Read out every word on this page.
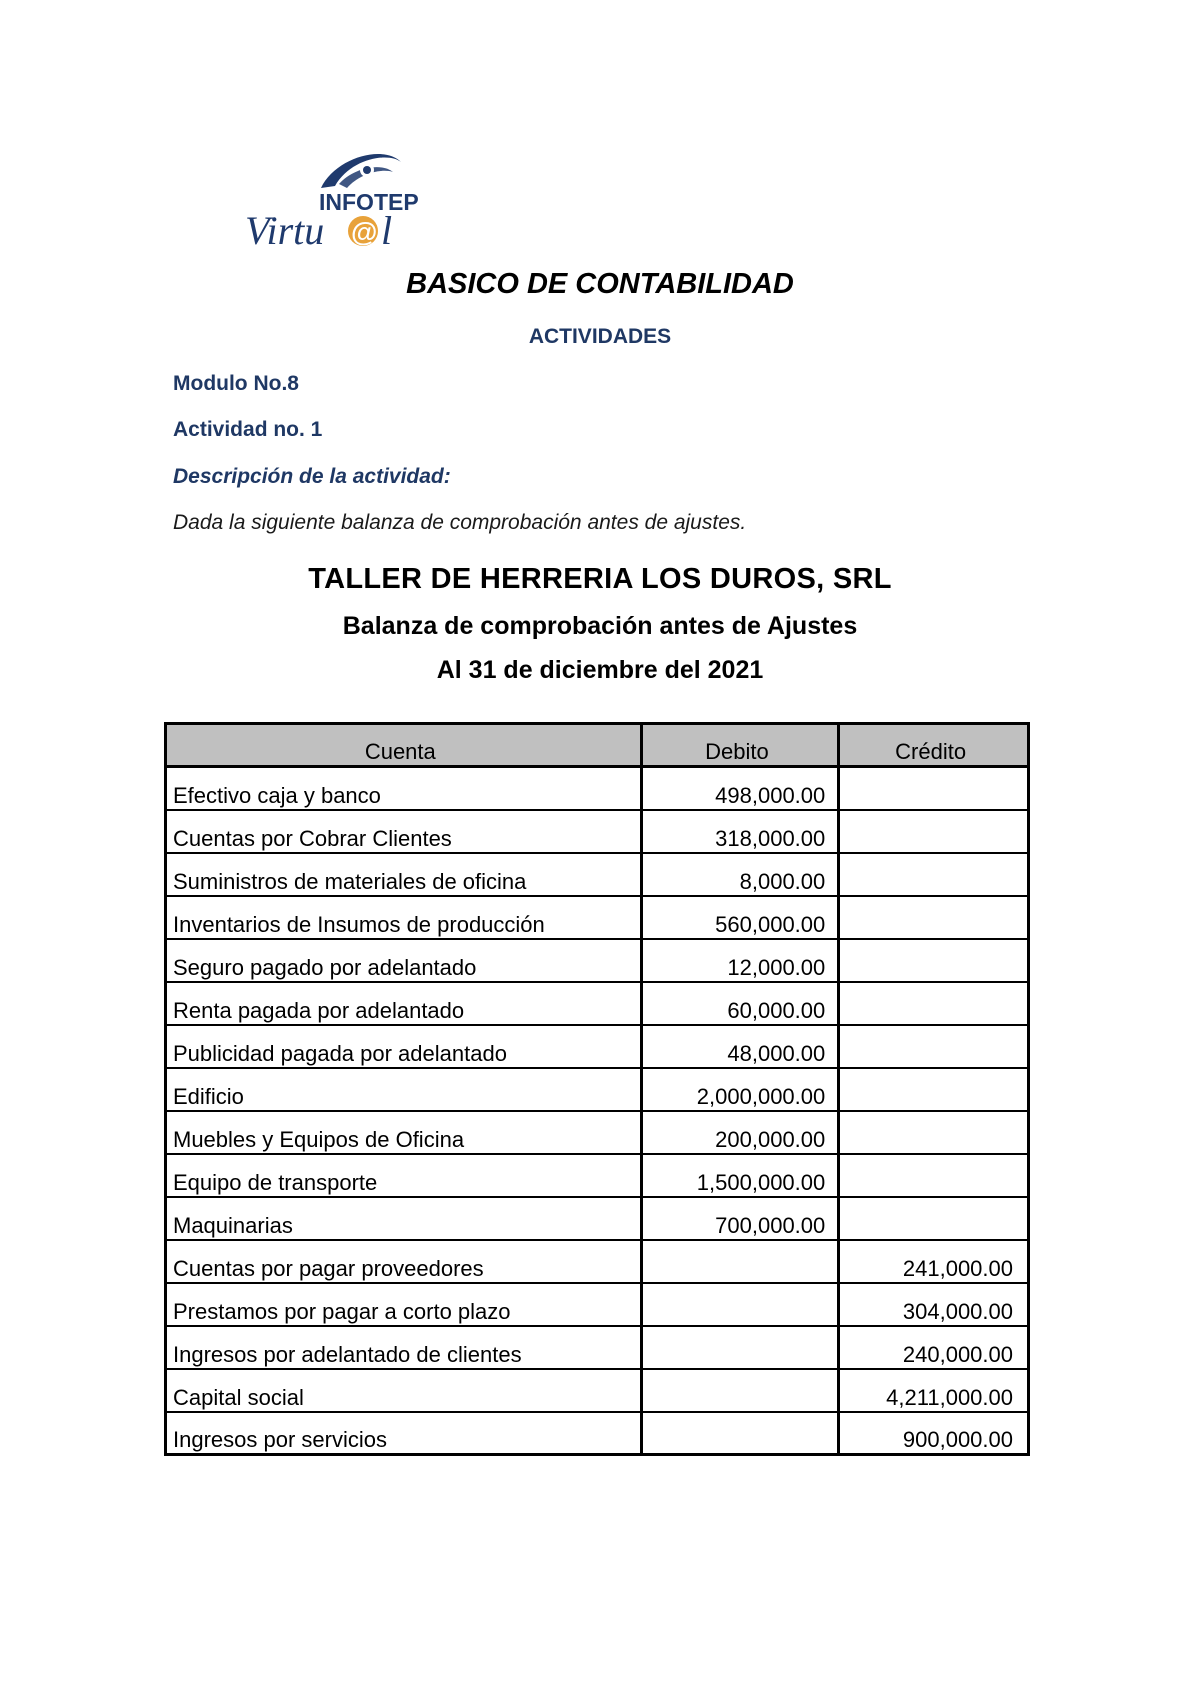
INFOTEP
Virtu @ l
BASICO DE CONTABILIDAD
ACTIVIDADES
Modulo No.8
Actividad no. 1
Descripción de la actividad:
Dada la siguiente balanza de comprobación antes de ajustes.
TALLER DE HERRERIA LOS DUROS, SRL
Balanza de comprobación antes de Ajustes
Al 31 de diciembre del 2021
Cuenta	Debito	Crédito
Efectivo caja y banco	498,000.00	
Cuentas por Cobrar Clientes	318,000.00	
Suministros de materiales de oficina	8,000.00	
Inventarios de Insumos de producción	560,000.00	
Seguro pagado por adelantado	12,000.00	
Renta pagada por adelantado	60,000.00	
Publicidad pagada por adelantado	48,000.00	
Edificio	2,000,000.00	
Muebles y Equipos de Oficina	200,000.00	
Equipo de transporte	1,500,000.00	
Maquinarias	700,000.00	
Cuentas por pagar proveedores		241,000.00
Prestamos por pagar a corto plazo		304,000.00
Ingresos por adelantado de clientes		240,000.00
Capital social		4,211,000.00
Ingresos por servicios		900,000.00
